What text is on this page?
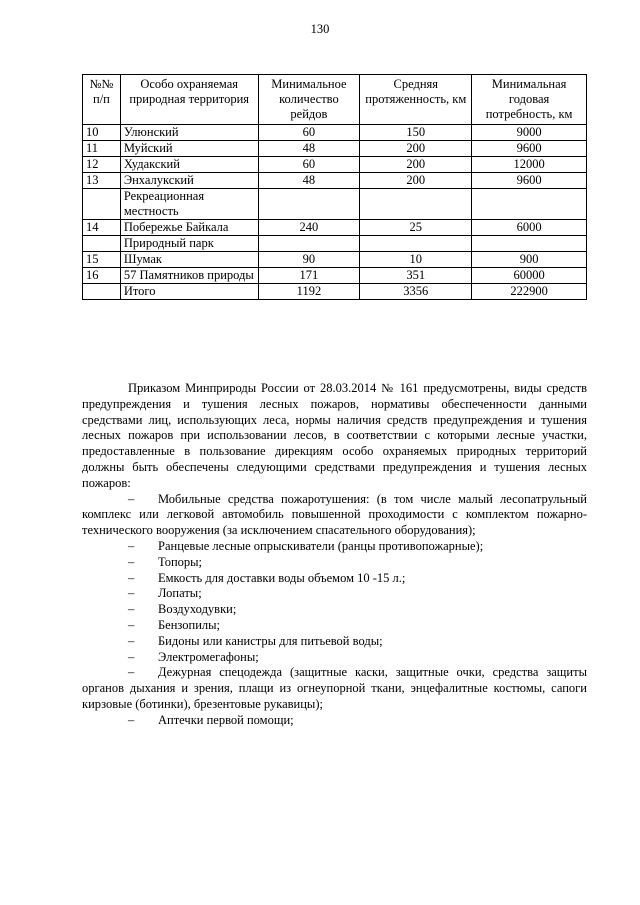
130
№№ п/п	Особо охраняемая природная территория	Минимальное количество рейдов	Средняя протяженность, км	Минимальная годовая потребность, км
10	Улюнский	60	150	9000
11	Муйский	48	200	9600
12	Худакский	60	200	12000
13	Энхалукский	48	200	9600
	Рекреационная местность			
14	Побережье Байкала	240	25	6000
	Природный парк			
15	Шумак	90	10	900
16	57 Памятников природы	171	351	60000
	Итого	1192	3356	222900

Приказом Минприроды России от 28.03.2014 № 161 предусмотрены, виды средств предупреждения и тушения лесных пожаров, нормативы обеспеченности данными средствами лиц, использующих леса, нормы наличия средств предупреждения и тушения лесных пожаров при использовании лесов, в соответствии с которыми лесные участки, предоставленные в пользование дирекциям особо охраняемых природных территорий должны быть обеспечены следующими средствами предупреждения и тушения лесных пожаров:

– Мобильные средства пожаротушения: (в том числе малый лесопатрульный комплекс или легковой автомобиль повышенной проходимости с комплектом пожарно-технического вооружения (за исключением спасательного оборудования);

– Ранцевые лесные опрыскиватели (ранцы противопожарные);

– Топоры;

– Емкость для доставки воды объемом 10 -15 л.;

– Лопаты;

– Воздуходувки;

– Бензопилы;

– Бидоны или канистры для питьевой воды;

– Электромегафоны;

– Дежурная спецодежда (защитные каски, защитные очки, средства защиты органов дыхания и зрения, плащи из огнеупорной ткани, энцефалитные костюмы, сапоги кирзовые (ботинки), брезентовые рукавицы);

– Аптечки первой помощи;
